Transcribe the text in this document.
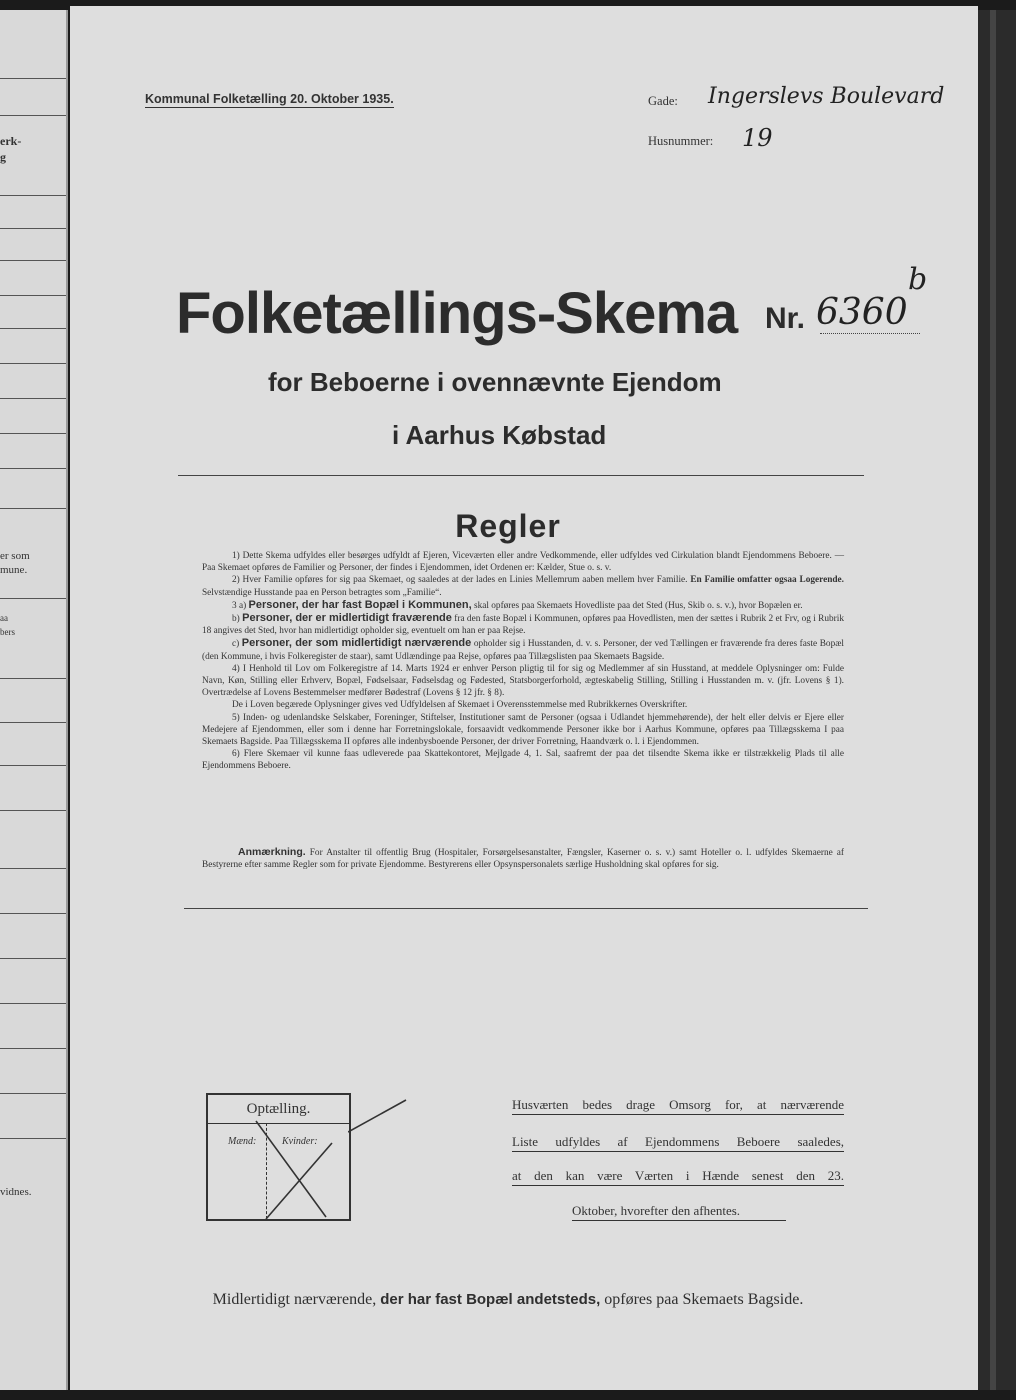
erk-
g
er som
mune.
aa
bers
vidnes.
Kommunal Folketælling 20. Oktober 1935.	Gade: Ingerslevs Boulevard
Husnummer: 19
Folketællings-Skema Nr. 6360
b
for Beboerne i ovennævnte Ejendom
i Aarhus Købstad
Regler

1) Dette Skema udfyldes eller besørges udfyldt af Ejeren, Viceværten eller andre Vedkommende, eller udfyldes ved Cirkulation blandt Ejendommens Beboere. — Paa Skemaet opføres de Familier og Personer, der findes i Ejendommen, idet Ordenen er: Kælder, Stue o. s. v.

2) Hver Familie opføres for sig paa Skemaet, og saaledes at der lades en Linies Mellemrum aaben mellem hver Familie. En Familie omfatter ogsaa Logerende. Selvstændige Husstande paa en Person betragtes som „Familie“.

3 a) Personer, der har fast Bopæl i Kommunen, skal opføres paa Skemaets Hovedliste paa det Sted (Hus, Skib o. s. v.), hvor Bopælen er.

b) Personer, der er midlertidigt fraværende fra den faste Bopæl i Kommunen, opføres paa Hovedlisten, men der sættes i Rubrik 2 et Frv, og i Rubrik 18 angives det Sted, hvor han midlertidigt opholder sig, eventuelt om han er paa Rejse.

c) Personer, der som midlertidigt nærværende opholder sig i Husstanden, d. v. s. Personer, der ved Tællingen er fraværende fra deres faste Bopæl (den Kommune, i hvis Folkeregister de staar), samt Udlændinge paa Rejse, opføres paa Tillægslisten paa Skemaets Bagside.

4) I Henhold til Lov om Folkeregistre af 14. Marts 1924 er enhver Person pligtig til for sig og Medlemmer af sin Husstand, at meddele Oplysninger om: Fulde Navn, Køn, Stilling eller Erhverv, Bopæl, Fødselsaar, Fødselsdag og Fødested, Statsborgerforhold, ægteskabelig Stilling, Stilling i Husstanden m. v. (jfr. Lovens § 1). Overtrædelse af Lovens Bestemmelser medfører Bødestraf (Lovens § 12 jfr. § 8).

De i Loven begærede Oplysninger gives ved Udfyldelsen af Skemaet i Overensstemmelse med Rubrikkernes Overskrifter.

5) Inden- og udenlandske Selskaber, Foreninger, Stiftelser, Institutioner samt de Personer (ogsaa i Udlandet hjemmehørende), der helt eller delvis er Ejere eller Medejere af Ejendommen, eller som i denne har Forretningslokale, forsaavidt vedkommende Personer ikke bor i Aarhus Kommune, opføres paa Tillægsskema I paa Skemaets Bagside. Paa Tillægsskema II opføres alle indenbysboende Personer, der driver Forretning, Haandværk o. l. i Ejendommen.

6) Flere Skemaer vil kunne faas udleverede paa Skattekontoret, Mejlgade 4, 1. Sal, saafremt der paa det tilsendte Skema ikke er tilstrækkelig Plads til alle Ejendommens Beboere.

Anmærkning. For Anstalter til offentlig Brug (Hospitaler, Forsørgelsesanstalter, Fængsler, Kaserner o. s. v.) samt Hoteller o. l. udfyldes Skemaerne af Bestyrerne efter samme Regler som for private Ejendomme. Bestyrerens eller Opsynspersonalets særlige Husholdning skal opføres for sig.

Optælling.
Mænd:	Kvinder:
Husværten bedes drage Omsorg for, at nærværende
Liste udfyldes af Ejendommens Beboere saaledes,
at den kan være Værten i Hænde senest den 23.
Oktober, hvorefter den afhentes.
Midlertidigt nærværende, der har fast Bopæl andetsteds, opføres paa Skemaets Bagside.
